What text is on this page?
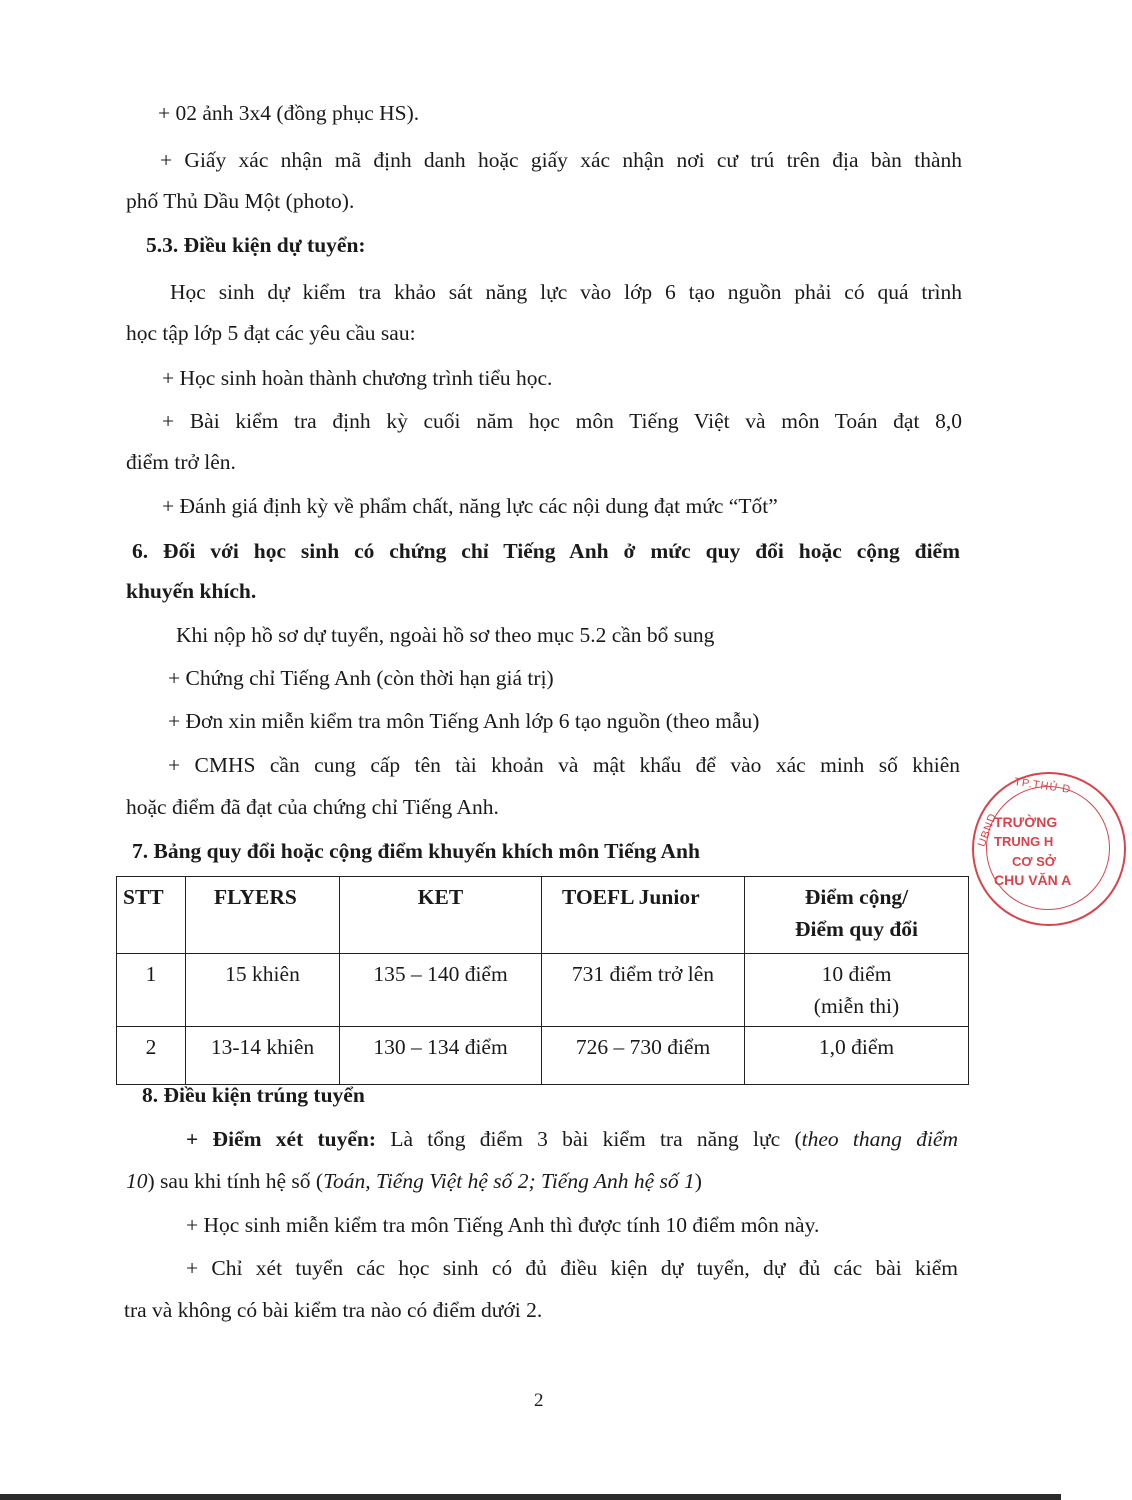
+ 02 ảnh 3x4 (đồng phục HS).
+ Giấy xác nhận mã định danh hoặc giấy xác nhận nơi cư trú trên địa bàn thành
phố Thủ Dầu Một (photo).
5.3. Điều kiện dự tuyển:
Học sinh dự kiểm tra khảo sát năng lực vào lớp 6 tạo nguồn phải có quá trình
học tập lớp 5 đạt các yêu cầu sau:
+ Học sinh hoàn thành chương trình tiểu học.
+ Bài kiểm tra định kỳ cuối năm học môn Tiếng Việt và môn Toán đạt 8,0
điểm trở lên.
+ Đánh giá định kỳ về phẩm chất, năng lực các nội dung đạt mức “Tốt”
6. Đối với học sinh có chứng chỉ Tiếng Anh ở mức quy đổi hoặc cộng điểm
khuyến khích.
Khi nộp hồ sơ dự tuyển, ngoài hồ sơ theo mục 5.2 cần bổ sung
+ Chứng chỉ Tiếng Anh (còn thời hạn giá trị)
+ Đơn xin miễn kiểm tra môn Tiếng Anh lớp 6 tạo nguồn (theo mẫu)
+ CMHS cần cung cấp tên tài khoản và mật khẩu để vào xác minh số khiên
hoặc điểm đã đạt của chứng chỉ Tiếng Anh.
7. Bảng quy đổi hoặc cộng điểm khuyến khích môn Tiếng Anh
STT	FLYERS	KET	TOEFL Junior	Điểm cộng/
Điểm quy đổi

1	15 khiên	135 – 140 điểm	731 điểm trở lên	10 điểm
(miễn thi)

2	13-14 khiên	130 – 134 điểm	726 – 730 điểm	1,0 điểm
8. Điều kiện trúng tuyển
+ Điểm xét tuyển: Là tổng điểm 3 bài kiểm tra năng lực (theo thang điểm
10) sau khi tính hệ số (Toán, Tiếng Việt hệ số 2; Tiếng Anh hệ số 1)
+ Học sinh miễn kiểm tra môn Tiếng Anh thì được tính 10 điểm môn này.
+ Chỉ xét tuyển các học sinh có đủ điều kiện dự tuyển, dự đủ các bài kiểm
tra và không có bài kiểm tra nào có điểm dưới 2.
2
TP.THỦ D
UBND
TRƯỜNG
TRUNG H
CƠ SỞ
CHU VĂN A
